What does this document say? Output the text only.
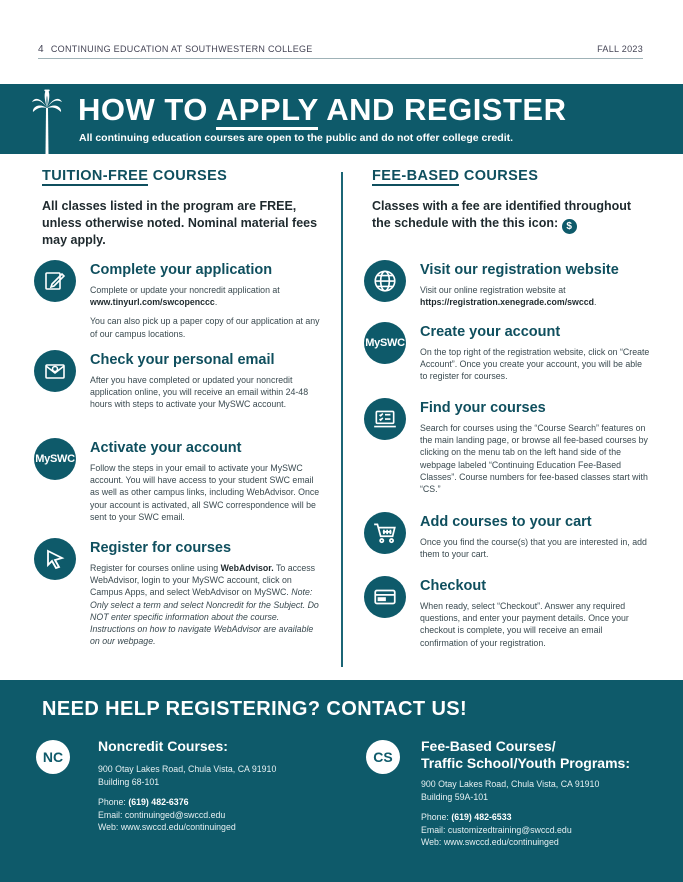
4 CONTINUING EDUCATION AT SOUTHWESTERN COLLEGE	FALL 2023
HOW TO APPLY AND REGISTER
All continuing education courses are open to the public and do not offer college credit.
TUITION-FREE COURSES
All classes listed in the program are FREE, unless otherwise noted. Nominal material fees may apply.
Complete your application

Complete or update your noncredit application at www.tinyurl.com/swcopenccc.

You can also pick up a paper copy of our application at any of our campus locations.

Check your personal email

After you have completed or updated your noncredit application online, you will receive an email within 24-48 hours with steps to activate your MySWC account.

MySWC
Activate your account

Follow the steps in your email to activate your MySWC account. You will have access to your student SWC email as well as other campus links, including WebAdvisor. Once your account is activated, all SWC correspondence will be sent to your SWC email.

Register for courses

Register for courses online using WebAdvisor. To access WebAdvisor, login to your MySWC account, click on Campus Apps, and select WebAdvisor on MySWC. Note: Only select a term and select Noncredit for the Subject. Do NOT enter specific information about the course. Instructions on how to navigate WebAdvisor are available on our webpage.

FEE-BASED COURSES
Classes with a fee are identified throughout the schedule with the this icon: $
Visit our registration website

Visit our online registration website at
https://registration.xenegrade.com/swccd.

MySWC
Create your account

On the top right of the registration website, click on “Create Account”. Once you create your account, you will be able to register for courses.

Find your courses

Search for courses using the “Course Search” features on the main landing page, or browse all fee-based courses by clicking on the menu tab on the left hand side of the webpage labeled “Continuing Education Fee-Based Classes”. Course numbers for fee-based classes start with “CS.”

Add courses to your cart

Once you find the course(s) that you are interested in, add them to your cart.

Checkout

When ready, select “Checkout”. Answer any required questions, and enter your payment details. Once your checkout is complete, you will receive an email confirmation of your registration.

NEED HELP REGISTERING? CONTACT US!
NC
Noncredit Courses:
900 Otay Lakes Road, Chula Vista, CA 91910
Building 68-101
Phone: (619) 482-6376
Email: continuinged@swccd.edu
Web: www.swccd.edu/continuinged
CS
Fee-Based Courses/
Traffic School/Youth Programs:
900 Otay Lakes Road, Chula Vista, CA 91910
Building 59A-101
Phone: (619) 482-6533
Email: customizedtraining@swccd.edu
Web: www.swccd.edu/continuinged
